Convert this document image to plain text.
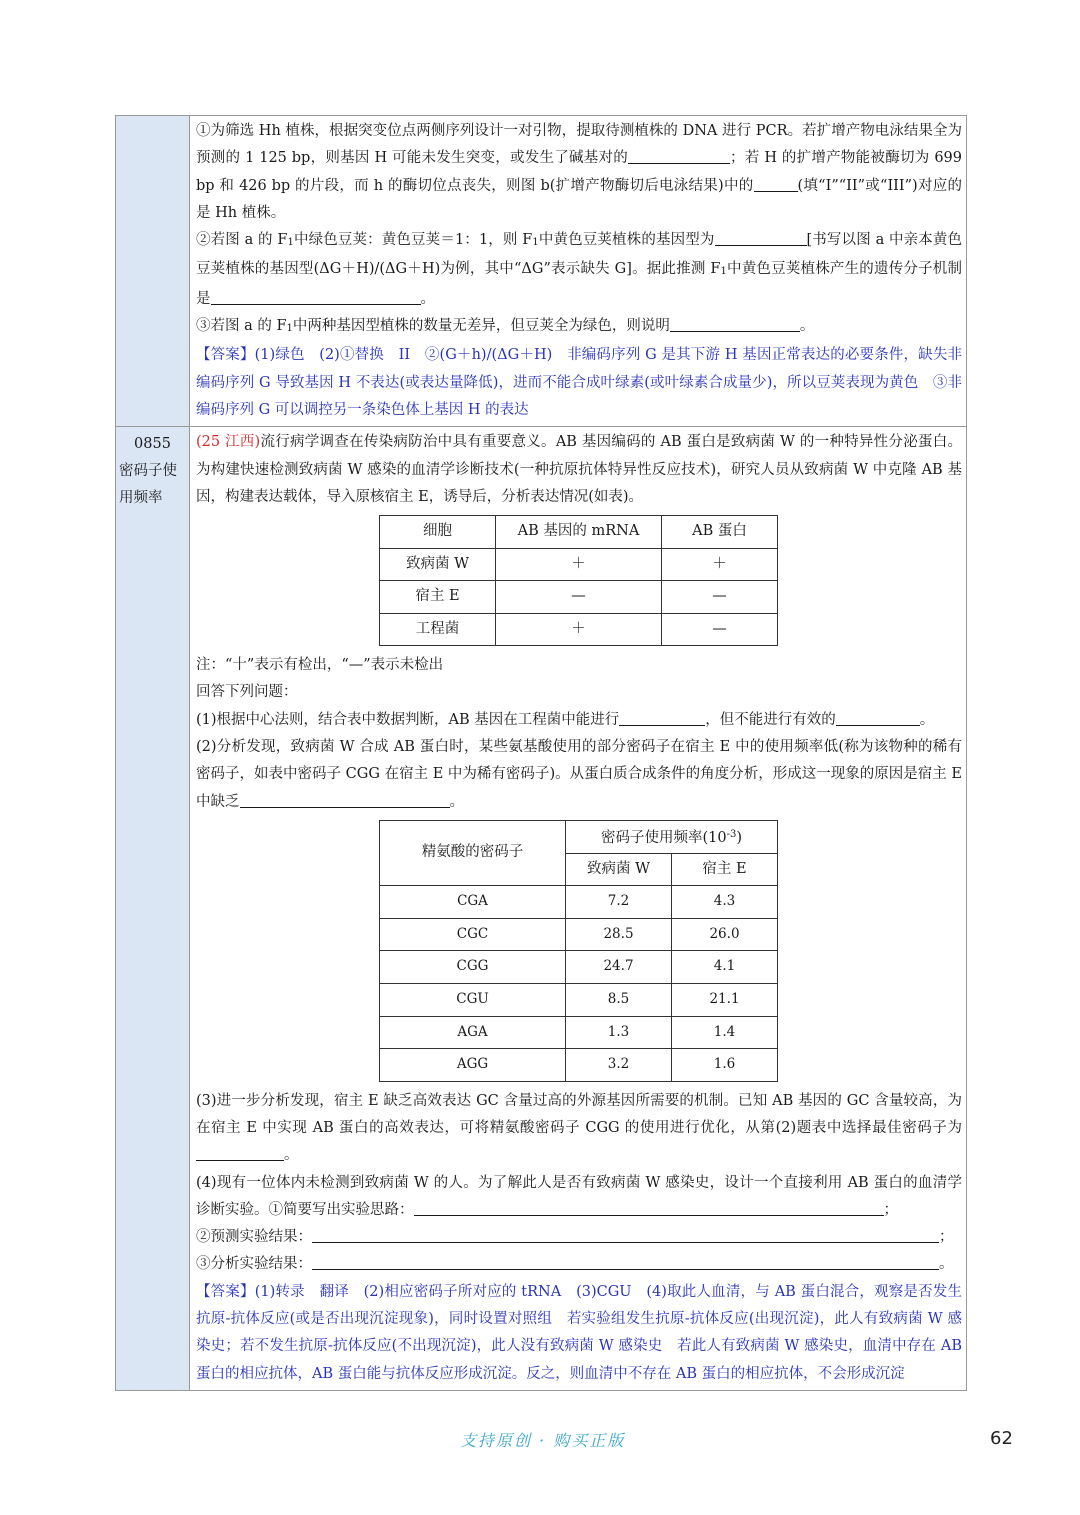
①为筛选 Hh 植株，根据突变位点两侧序列设计一对引物，提取待测植株的 DNA 进行 PCR。若扩增产物电泳结果全为预测的 1 125 bp，则基因 H 可能未发生突变，或发生了碱基对的	；若 H 的扩增产物能被酶切为 699 bp 和 426 bp 的片段，而 h 的酶切位点丧失，则图 b(扩增产物酶切后电泳结果)中的	(填“I”“II”或“III”)对应的是 Hh 植株。

②若图 a 的 F1中绿色豆荚：黄色豆荚＝1：1，则 F1中黄色豆荚植株的基因型为	[书写以图 a 中亲本黄色豆荚植株的基因型(ΔG＋H)/(ΔG＋H)为例，其中“ΔG”表示缺失 G]。据此推测 F1中黄色豆荚植株产生的遗传分子机制是	。

③若图 a 的 F1中两种基因型植株的数量无差异，但豆荚全为绿色，则说明	。

【答案】(1)绿色　(2)①替换　II　②(G＋h)/(ΔG＋H)　非编码序列 G 是其下游 H 基因正常表达的必要条件，缺失非编码序列 G 导致基因 H 不表达(或表达量降低)，进而不能合成叶绿素(或叶绿素合成量少)，所以豆荚表现为黄色　③非编码序列 G 可以调控另一条染色体上基因 H 的表达

0855
密码子使用频率

(25 江西)流行病学调查在传染病防治中具有重要意义。AB 基因编码的 AB 蛋白是致病菌 W 的一种特异性分泌蛋白。为构建快速检测致病菌 W 感染的血清学诊断技术(一种抗原抗体特异性反应技术)，研究人员从致病菌 W 中克隆 AB 基因，构建表达载体，导入原核宿主 E，诱导后，分析表达情况(如表)。

细胞	AB 基因的 mRNA	AB 蛋白
致病菌 W	＋	＋
宿主 E	—	—
工程菌	＋	—

注：“十”表示有检出，“—”表示未检出

回答下列问题：

(1)根据中心法则，结合表中数据判断，AB 基因在工程菌中能进行	，但不能进行有效的	。

(2)分析发现，致病菌 W 合成 AB 蛋白时，某些氨基酸使用的部分密码子在宿主 E 中的使用频率低(称为该物种的稀有密码子，如表中密码子 CGG 在宿主 E 中为稀有密码子)。从蛋白质合成条件的角度分析，形成这一现象的原因是宿主 E 中缺乏	。

精氨酸的密码子	密码子使用频率$(10^{-3})$	
	致病菌 W	宿主 E
CGA	7.2	4.3
CGC	28.5	26.0
CGG	24.7	4.1
CGU	8.5	21.1
AGA	1.3	1.4
AGG	3.2	1.6

(3)进一步分析发现，宿主 E 缺乏高效表达 GC 含量过高的外源基因所需要的机制。已知 AB 基因的 GC 含量较高，为在宿主 E 中实现 AB 蛋白的高效表达，可将精氨酸密码子 CGG 的使用进行优化，从第(2)题表中选择最佳密码子为。

(4)现有一位体内未检测到致病菌 W 的人。为了解此人是否有致病菌 W 感染史，设计一个直接利用 AB 蛋白的血清学诊断实验。①简要写出实验思路：	；

②预测实验结果：	；

③分析实验结果：	。

【答案】(1)转录　翻译　(2)相应密码子所对应的 tRNA　(3)CGU　(4)取此人血清，与 AB 蛋白混合，观察是否发生抗原-抗体反应(或是否出现沉淀现象)，同时设置对照组　若实验组发生抗原-抗体反应(出现沉淀)，此人有致病菌 W 感染史；若不发生抗原-抗体反应(不出现沉淀)，此人没有致病菌 W 感染史　若此人有致病菌 W 感染史，血清中存在 AB 蛋白的相应抗体，AB 蛋白能与抗体反应形成沉淀。反之，则血清中不存在 AB 蛋白的相应抗体，不会形成沉淀

支持原创 · 购买正版	62
